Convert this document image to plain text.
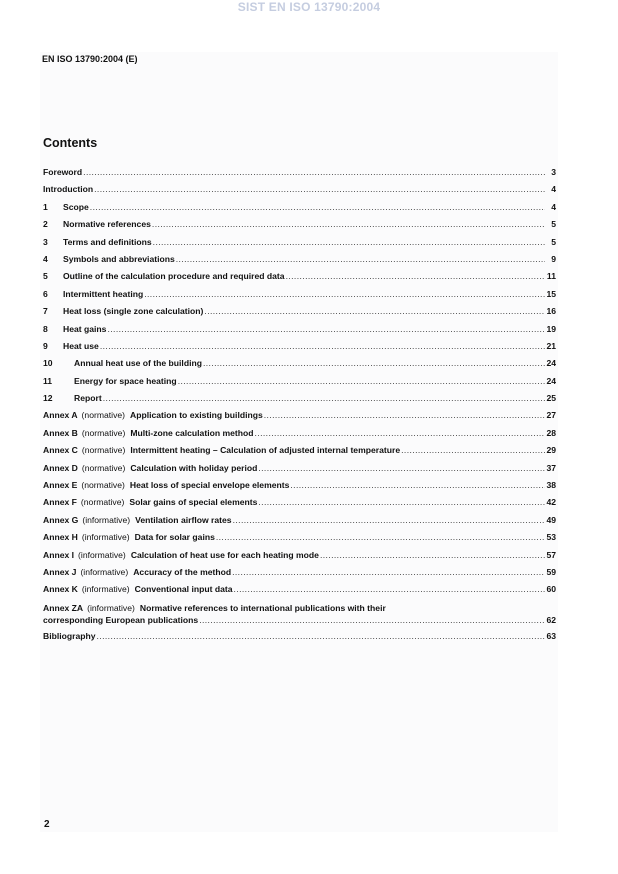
SIST EN ISO 13790:2004
EN ISO 13790:2004 (E)
Contents
Foreword .....	3
Introduction .....	4
1	Scope .....	4
2	Normative references .....	5
3	Terms and definitions .....	5
4	Symbols and abbreviations .....	9
5	Outline of the calculation procedure and required data .....	11
6	Intermittent heating .....	15
7	Heat loss (single zone calculation) .....	16
8	Heat gains .....	19
9	Heat use .....	21
10	Annual heat use of the building .....	24
11	Energy for space heating .....	24
12	Report .....	25
Annex A (normative) Application to existing buildings .....	27
Annex B (normative) Multi-zone calculation method .....	28
Annex C (normative) Intermittent heating – Calculation of adjusted internal temperature .....	29
Annex D (normative) Calculation with holiday period .....	37
Annex E (normative) Heat loss of special envelope elements .....	38
Annex F (normative) Solar gains of special elements .....	42
Annex G (informative) Ventilation airflow rates .....	49
Annex H (informative) Data for solar gains .....	53
Annex I (informative) Calculation of heat use for each heating mode .....	57
Annex J (informative) Accuracy of the method .....	59
Annex K (informative) Conventional input data .....	60
Annex ZA (informative) Normative references to international publications with their
corresponding European publications .....	62
Bibliography .....	63
2
